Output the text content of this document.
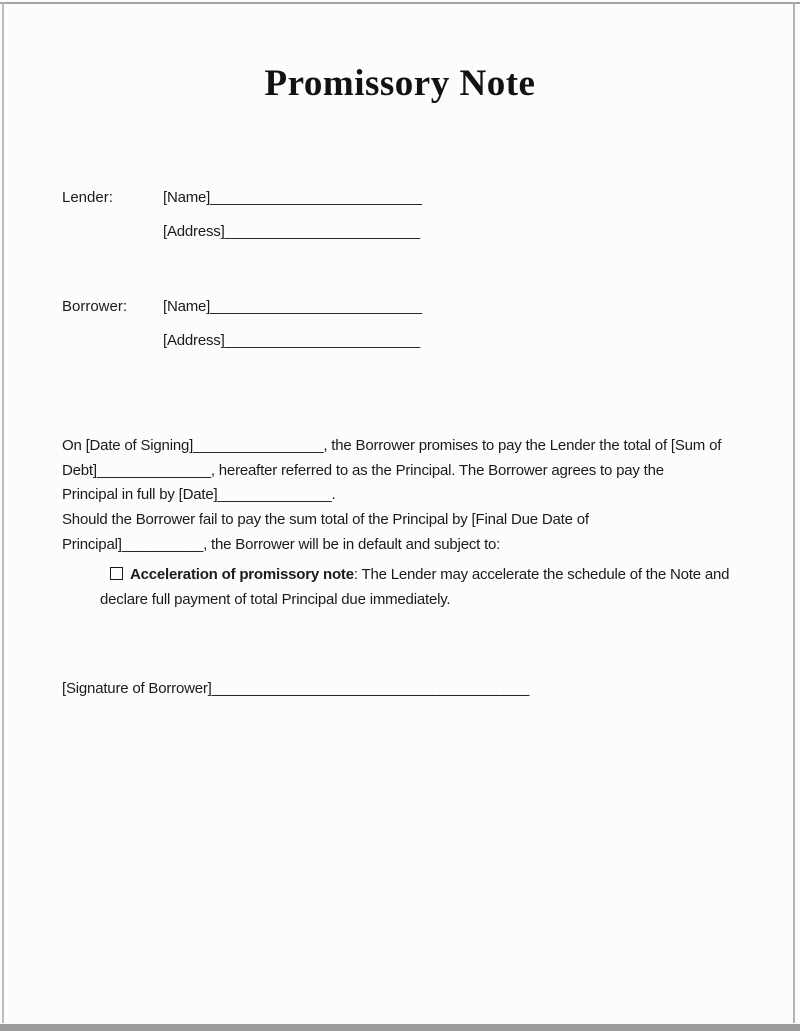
Promissory Note
Lender:	[Name]__________________________
[Address]________________________
Borrower:	[Name]__________________________
[Address]________________________
On [Date of Signing]________________, the Borrower promises to pay the Lender the total of [Sum of
Debt]______________, hereafter referred to as the Principal. The Borrower agrees to pay the
Principal in full by [Date]______________.
Should the Borrower fail to pay the sum total of the Principal by [Final Due Date of
Principal]__________, the Borrower will be in default and subject to:
Acceleration of promissory note: The Lender may accelerate the schedule of the Note and
declare full payment of total Principal due immediately.
[Signature of Borrower]_______________________________________
